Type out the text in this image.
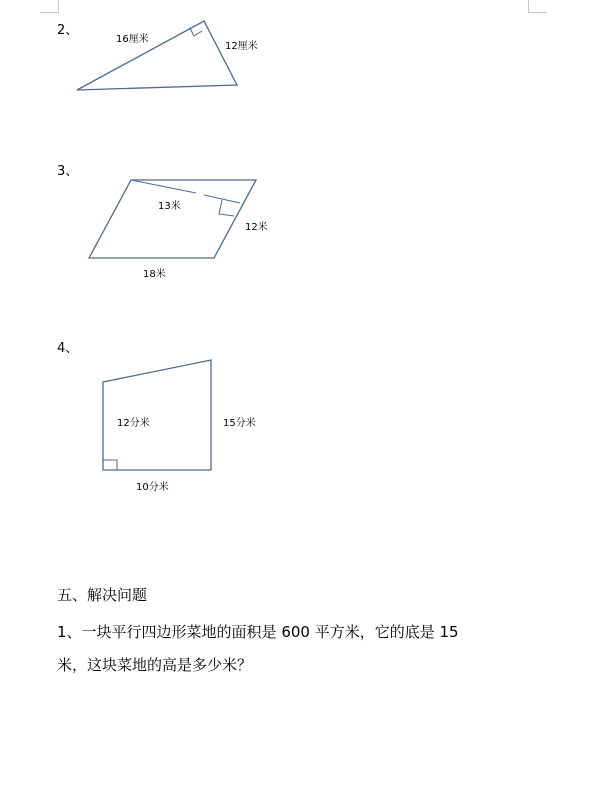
2、
16厘米
12厘米
3、
13米
12米
18米
4、
12分米	15分米
10分米
五、解决问题
1、一块平行四边形菜地的面积是 600 平方米，它的底是 15
米，这块菜地的高是多少米？
